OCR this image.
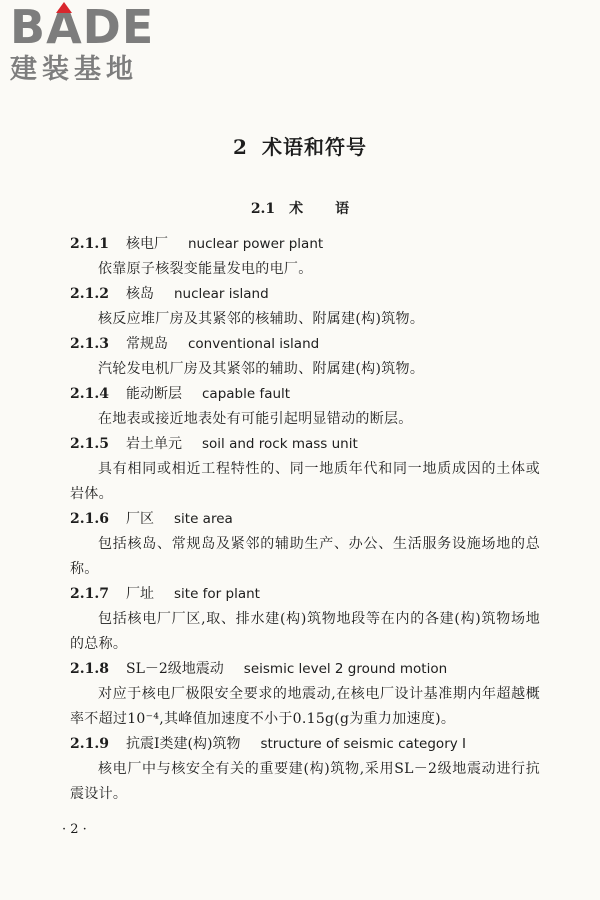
B A DE
建装基地
2 术语和符号
2.1 术 语
2.1.1 核电厂 nuclear power plant
依靠原子核裂变能量发电的电厂。
2.1.2 核岛 nuclear island
核反应堆厂房及其紧邻的核辅助、附属建(构)筑物。
2.1.3 常规岛 conventional island
汽轮发电机厂房及其紧邻的辅助、附属建(构)筑物。
2.1.4 能动断层 capable fault
在地表或接近地表处有可能引起明显错动的断层。
2.1.5 岩土单元 soil and rock mass unit
具有相同或相近工程特性的、同一地质年代和同一地质成因的土体或岩体。
2.1.6 厂区 site area
包括核岛、常规岛及紧邻的辅助生产、办公、生活服务设施场地的总称。
2.1.7 厂址 site for plant
包括核电厂厂区,取、排水建(构)筑物地段等在内的各建(构)筑物场地的总称。
2.1.8 SL－2级地震动 seismic level 2 ground motion
对应于核电厂极限安全要求的地震动,在核电厂设计基准期内年超越概率不超过10⁻⁴,其峰值加速度不小于0.15g(g为重力加速度)。
2.1.9 抗震Ⅰ类建(构)筑物 structure of seismic category Ⅰ
核电厂中与核安全有关的重要建(构)筑物,采用SL－2级地震动进行抗震设计。
· 2 ·
